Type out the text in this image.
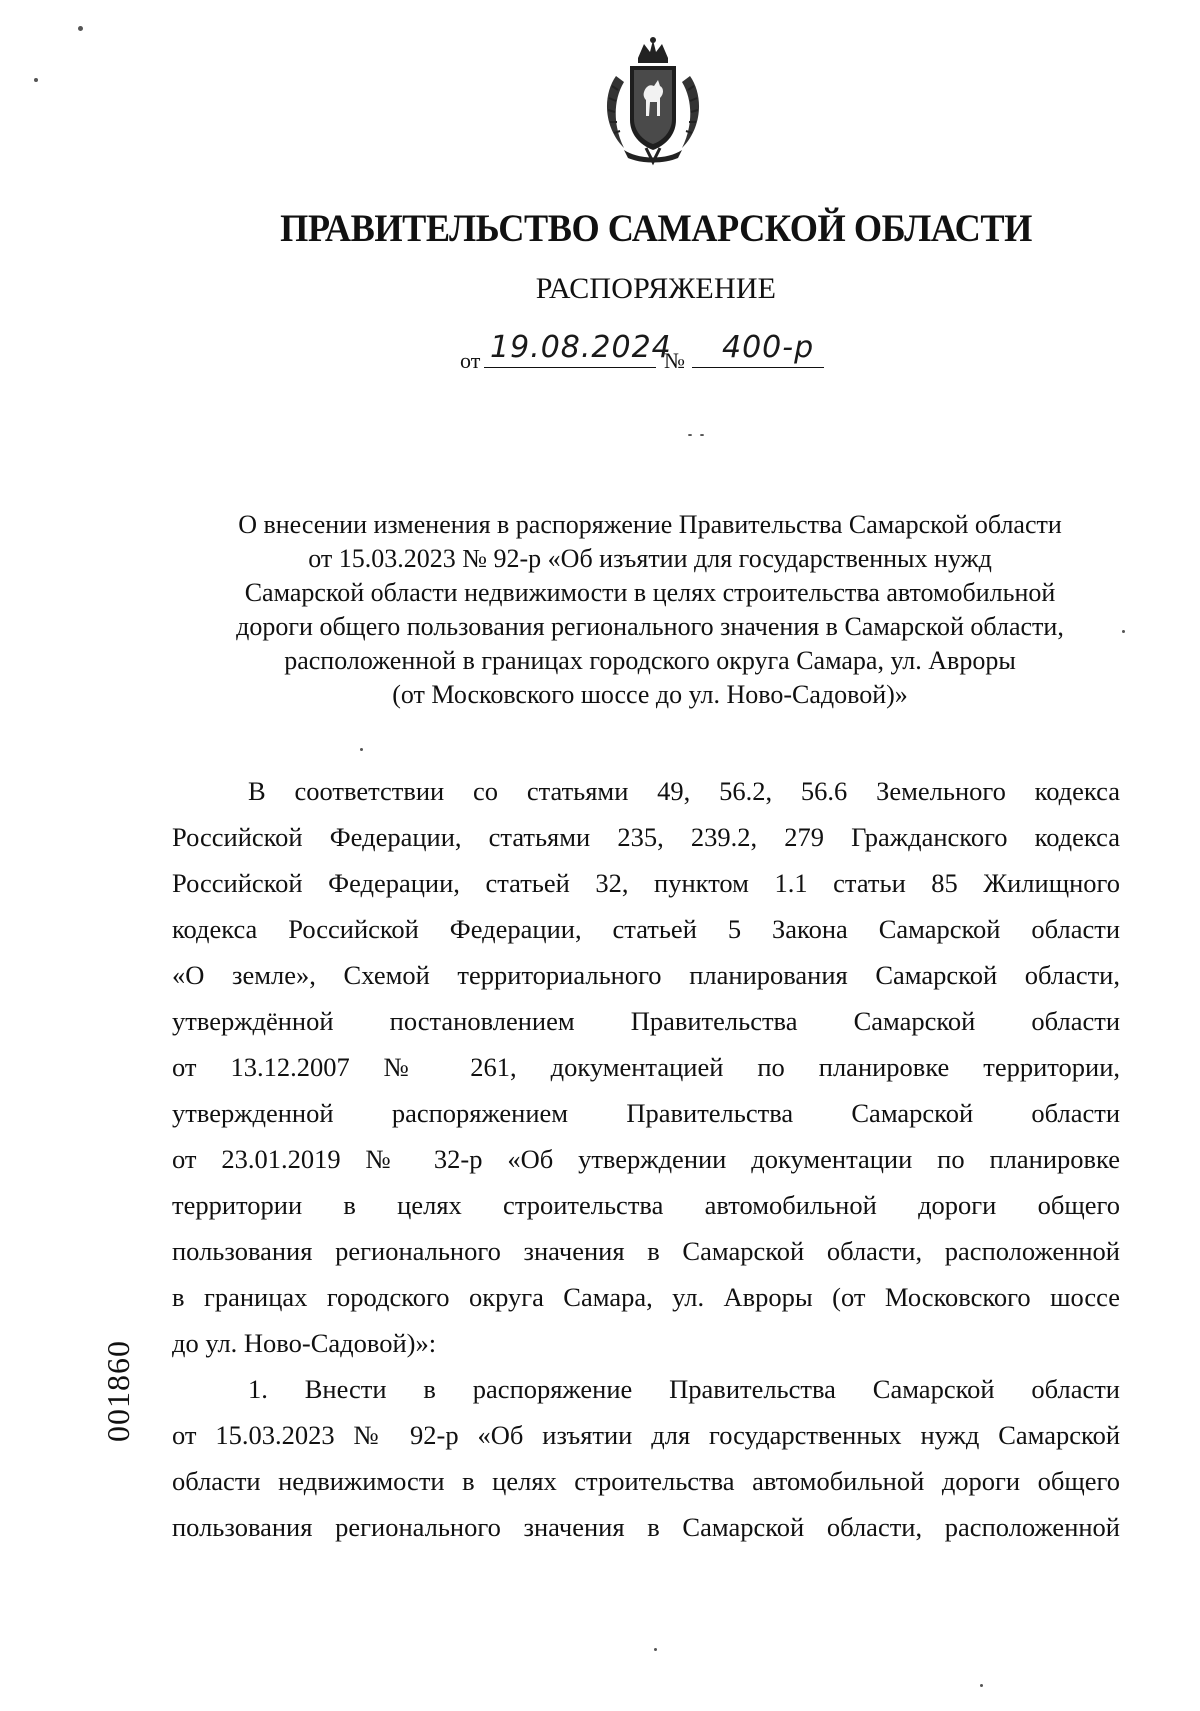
ПРАВИТЕЛЬСТВО САМАРСКОЙ ОБЛАСТИ
РАСПОРЯЖЕНИЕ
от 19.08.2024
№ 400-р
О внесении изменения в распоряжение Правительства Самарской области
от 15.03.2023 № 92-р «Об изъятии для государственных нужд
Самарской области недвижимости в целях строительства автомобильной
дороги общего пользования регионального значения в Самарской области,
расположенной в границах городского округа Самара, ул. Авроры
(от Московского шоссе до ул. Ново-Садовой)»
В соответствии со статьями 49, 56.2, 56.6 Земельного кодекса
Российской Федерации, статьями 235, 239.2, 279 Гражданского кодекса
Российской Федерации, статьей 32, пунктом 1.1 статьи 85 Жилищного
кодекса Российской Федерации, статьей 5 Закона Самарской области
«О земле», Схемой территориального планирования Самарской области,
утверждённой постановлением Правительства Самарской области
от 13.12.2007 № 261, документацией по планировке территории,
утвержденной распоряжением Правительства Самарской области
от 23.01.2019 № 32-р «Об утверждении документации по планировке
территории в целях строительства автомобильной дороги общего
пользования регионального значения в Самарской области, расположенной
в границах городского округа Самара, ул. Авроры (от Московского шоссе
до ул. Ново-Садовой)»:
1. Внести в распоряжение Правительства Самарской области
от 15.03.2023 № 92-р «Об изъятии для государственных нужд Самарской
области недвижимости в целях строительства автомобильной дороги общего
пользования регионального значения в Самарской области, расположенной
001860
